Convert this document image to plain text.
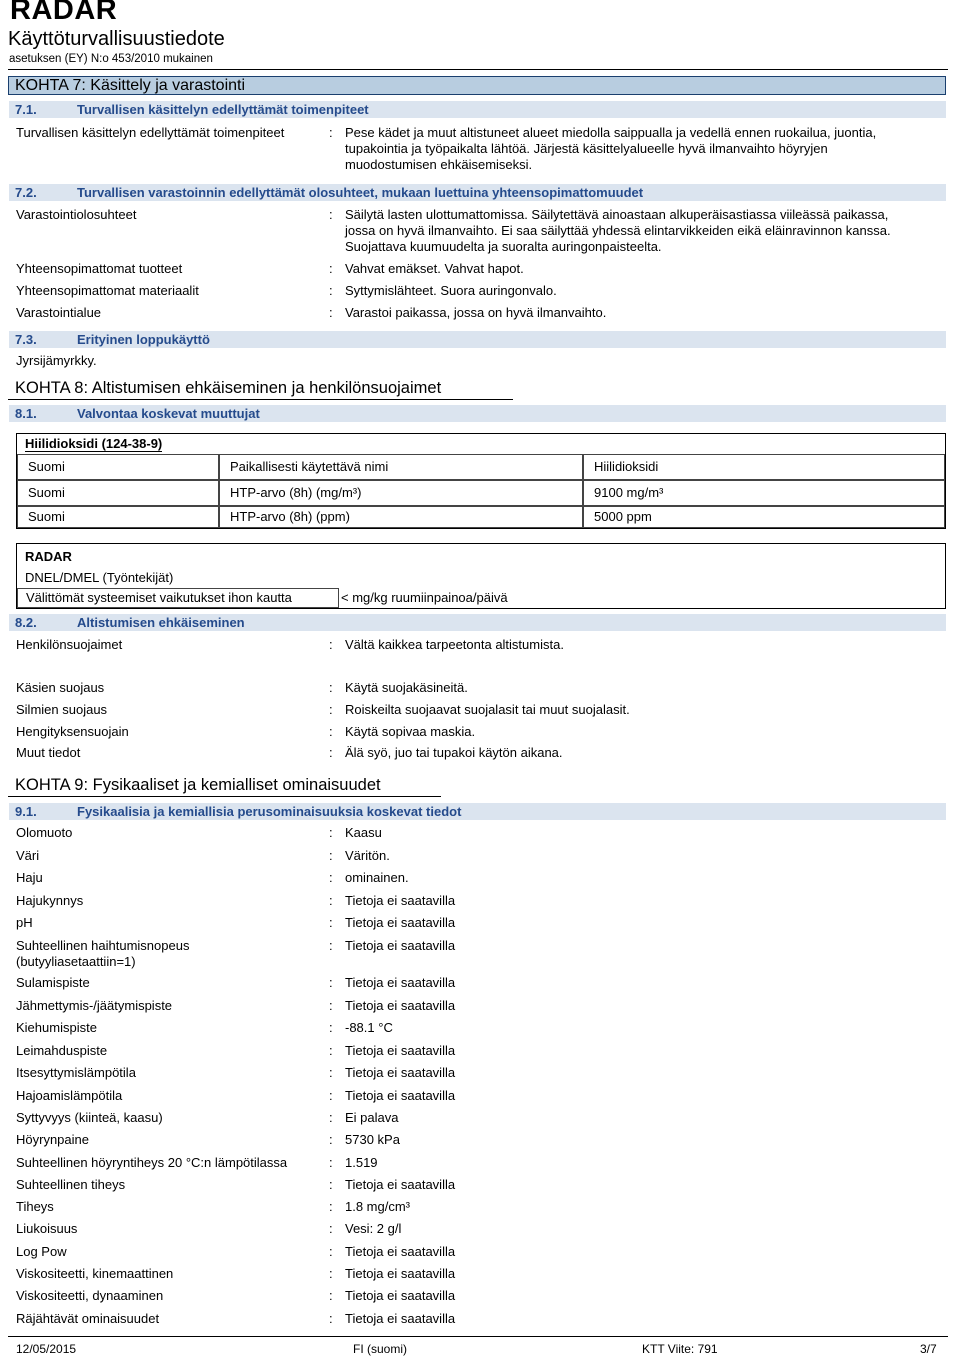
RADAR
Käyttöturvallisuustiedote
asetuksen (EY) N:o 453/2010 mukainen
KOHTA 7: Käsittely ja varastointi
7.1.	Turvallisen käsittelyn edellyttämät toimenpiteet
Turvallisen käsittelyn edellyttämät toimenpiteet	: Pese kädet ja muut altistuneet alueet miedolla saippualla ja vedellä ennen ruokailua, juontia,
tupakointia ja työpaikalta lähtöä. Järjestä käsittelyalueelle hyvä ilmanvaihto höyryjen
muodostumisen ehkäisemiseksi.
7.2.	Turvallisen varastoinnin edellyttämät olosuhteet, mukaan luettuina yhteensopimattomuudet
Varastointiolosuhteet	: Säilytä lasten ulottumattomissa. Säilytettävä ainoastaan alkuperäisastiassa viileässä paikassa,
jossa on hyvä ilmanvaihto. Ei saa säilyttää yhdessä elintarvikkeiden eikä eläinravinnon kanssa.
Suojattava kuumuudelta ja suoralta auringonpaisteelta.
Yhteensopimattomat tuotteet	: Vahvat emäkset. Vahvat hapot.
Yhteensopimattomat materiaalit	: Syttymislähteet. Suora auringonvalo.
Varastointialue	: Varastoi paikassa, jossa on hyvä ilmanvaihto.
7.3.	Erityinen loppukäyttö
Jyrsijämyrkky.
KOHTA 8: Altistumisen ehkäiseminen ja henkilönsuojaimet
8.1.	Valvontaa koskevat muuttujat
Hiilidioksidi (124-38-9)
Suomi	Paikallisesti käytettävä nimi	Hiilidioksidi
Suomi	HTP-arvo (8h) (mg/m³)	9100 mg/m³
Suomi	HTP-arvo (8h) (ppm)	5000 ppm
RADAR
DNEL/DMEL (Työntekijät)
Välittömät systeemiset vaikutukset ihon kautta	< mg/kg ruumiinpainoa/päivä
8.2.	Altistumisen ehkäiseminen
Henkilönsuojaimet	: Vältä kaikkea tarpeetonta altistumista.
Käsien suojaus	: Käytä suojakäsineitä.
Silmien suojaus	: Roiskeilta suojaavat suojalasit tai muut suojalasit.
Hengityksensuojain	: Käytä sopivaa maskia.
Muut tiedot	: Älä syö, juo tai tupakoi käytön aikana.
KOHTA 9: Fysikaaliset ja kemialliset ominaisuudet
9.1.	Fysikaalisia ja kemiallisia perusominaisuuksia koskevat tiedot
Olomuoto	: Kaasu
Väri	: Väritön.
Haju	: ominainen.
Hajukynnys	: Tietoja ei saatavilla
pH	: Tietoja ei saatavilla
Suhteellinen haihtumisnopeus
(butyyliasetaattiin=1)
: Tietoja ei saatavilla
Sulamispiste	: Tietoja ei saatavilla
Jähmettymis-/jäätymispiste	: Tietoja ei saatavilla
Kiehumispiste	: -88.1 °C
Leimahduspiste	: Tietoja ei saatavilla
Itsesyttymislämpötila	: Tietoja ei saatavilla
Hajoamislämpötila	: Tietoja ei saatavilla
Syttyvyys (kiinteä, kaasu)	: Ei palava
Höyrynpaine	: 5730 kPa
Suhteellinen höyryntiheys 20 °C:n lämpötilassa	: 1.519
Suhteellinen tiheys	: Tietoja ei saatavilla
Tiheys	: 1.8 mg/cm³
Liukoisuus	: Vesi: 2 g/l
Log Pow	: Tietoja ei saatavilla
Viskositeetti, kinemaattinen	: Tietoja ei saatavilla
Viskositeetti, dynaaminen	: Tietoja ei saatavilla
Räjähtävät ominaisuudet	: Tietoja ei saatavilla
12/05/2015	FI (suomi)	KTT Viite: 791	3/7
